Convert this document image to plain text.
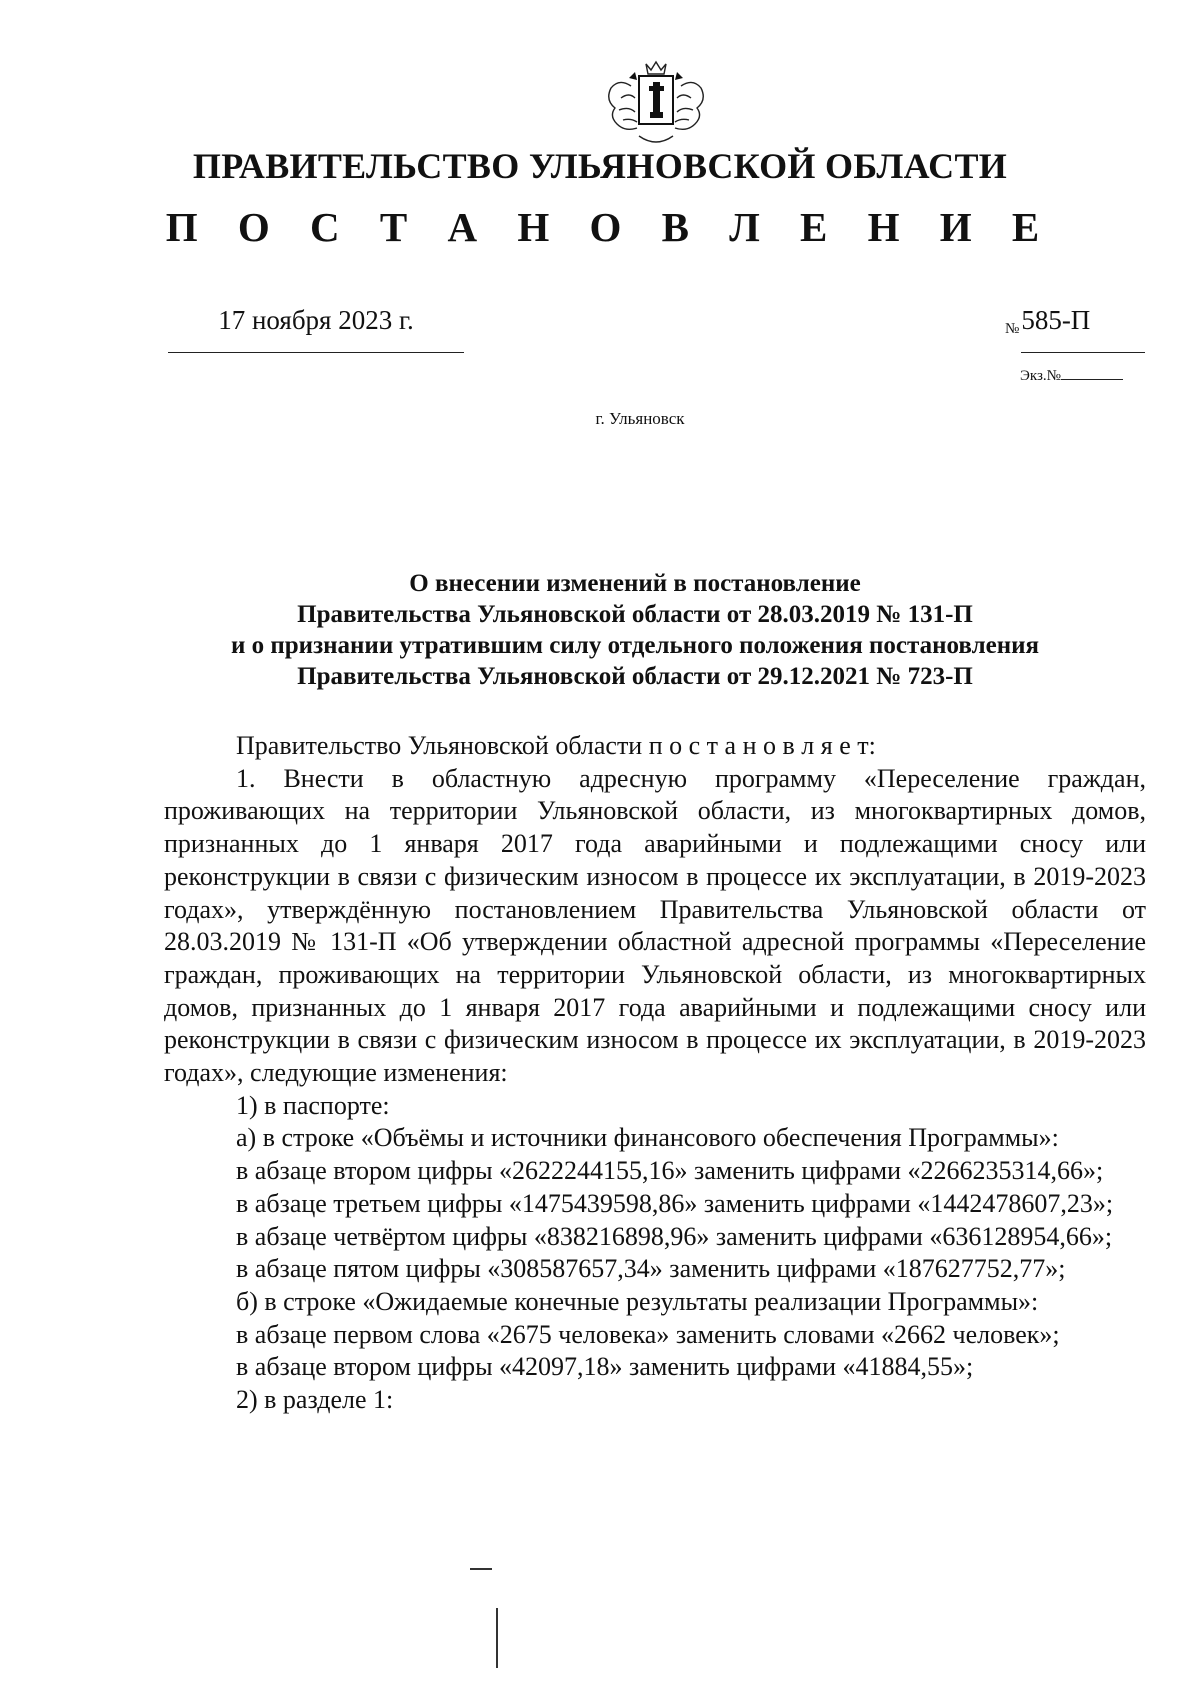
ПРАВИТЕЛЬСТВО УЛЬЯНОВСКОЙ ОБЛАСТИ
П О С Т А Н О В Л Е Н И Е
17 ноября 2023 г.	№585-П
Экз.№
г. Ульяновск
О внесении изменений в постановление
Правительства Ульяновской области от 28.03.2019 № 131-П
и о признании утратившим силу отдельного положения постановления
Правительства Ульяновской области от 29.12.2021 № 723-П

Правительство Ульяновской области п о с т а н о в л я е т:

1. Внести в областную адресную программу «Переселение граждан, проживающих на территории Ульяновской области, из многоквартирных домов, признанных до 1 января 2017 года аварийными и подлежащими сносу или реконструкции в связи с физическим износом в процессе их эксплуатации, в 2019-2023 годах», утверждённую постановлением Правительства Ульяновской области от 28.03.2019 № 131-П «Об утверждении областной адресной программы «Переселение граждан, проживающих на территории Ульяновской области, из многоквартирных домов, признанных до 1 января 2017 года аварийными и подлежащими сносу или реконструкции в связи с физическим износом в процессе их эксплуатации, в 2019-2023 годах», следующие изменения:

1) в паспорте:

а) в строке «Объёмы и источники финансового обеспечения Программы»:

в абзаце втором цифры «2622244155,16» заменить цифрами «2266235314,66»;

в абзаце третьем цифры «1475439598,86» заменить цифрами «1442478607,23»;

в абзаце четвёртом цифры «838216898,96» заменить цифрами «636128954,66»;

в абзаце пятом цифры «308587657,34» заменить цифрами «187627752,77»;

б) в строке «Ожидаемые конечные результаты реализации Программы»:

в абзаце первом слова «2675 человека» заменить словами «2662 человек»;

в абзаце втором цифры «42097,18» заменить цифрами «41884,55»;

2) в разделе 1:
